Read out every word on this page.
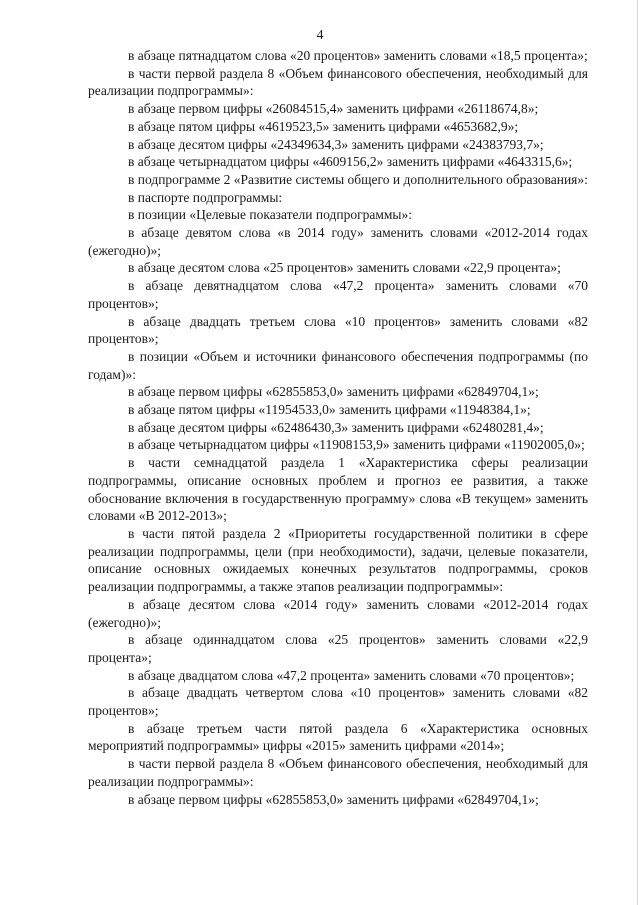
4

в абзаце пятнадцатом слова «20 процентов» заменить словами «18,5 процента»;

в части первой раздела 8 «Объем финансового обеспечения, необходимый для реализации подпрограммы»:

в абзаце первом цифры «26084515,4» заменить цифрами «26118674,8»;

в абзаце пятом цифры «4619523,5» заменить цифрами «4653682,9»;

в абзаце десятом цифры «24349634,3» заменить цифрами «24383793,7»;

в абзаце четырнадцатом цифры «4609156,2» заменить цифрами «4643315,6»;

в подпрограмме 2 «Развитие системы общего и дополнительного образования»:

в паспорте подпрограммы:

в позиции «Целевые показатели подпрограммы»:

в абзаце девятом слова «в 2014 году» заменить словами «2012-2014 годах (ежегодно)»;

в абзаце десятом слова «25 процентов» заменить словами «22,9 процента»;

в абзаце девятнадцатом слова «47,2 процента» заменить словами «70 процентов»;

в абзаце двадцать третьем слова «10 процентов» заменить словами «82 процентов»;

в позиции «Объем и источники финансового обеспечения подпрограммы (по годам)»:

в абзаце первом цифры «62855853,0» заменить цифрами «62849704,1»;

в абзаце пятом цифры «11954533,0» заменить цифрами «11948384,1»;

в абзаце десятом цифры «62486430,3» заменить цифрами «62480281,4»;

в абзаце четырнадцатом цифры «11908153,9» заменить цифрами «11902005,0»;

в части семнадцатой раздела 1 «Характеристика сферы реализации подпрограммы, описание основных проблем и прогноз ее развития, а также обоснование включения в государственную программу» слова «В текущем» заменить словами «В 2012-2013»;

в части пятой раздела 2 «Приоритеты государственной политики в сфере реализации подпрограммы, цели (при необходимости), задачи, целевые показатели, описание основных ожидаемых конечных результатов подпрограммы, сроков реализации подпрограммы, а также этапов реализации подпрограммы»:

в абзаце десятом слова «2014 году» заменить словами «2012-2014 годах (ежегодно)»;

в абзаце одиннадцатом слова «25 процентов» заменить словами «22,9 процента»;

в абзаце двадцатом слова «47,2 процента» заменить словами «70 процентов»;

в абзаце двадцать четвертом слова «10 процентов» заменить словами «82 процентов»;

в абзаце третьем части пятой раздела 6 «Характеристика основных мероприятий подпрограммы» цифры «2015» заменить цифрами «2014»;

в части первой раздела 8 «Объем финансового обеспечения, необходимый для реализации подпрограммы»:

в абзаце первом цифры «62855853,0» заменить цифрами «62849704,1»;
